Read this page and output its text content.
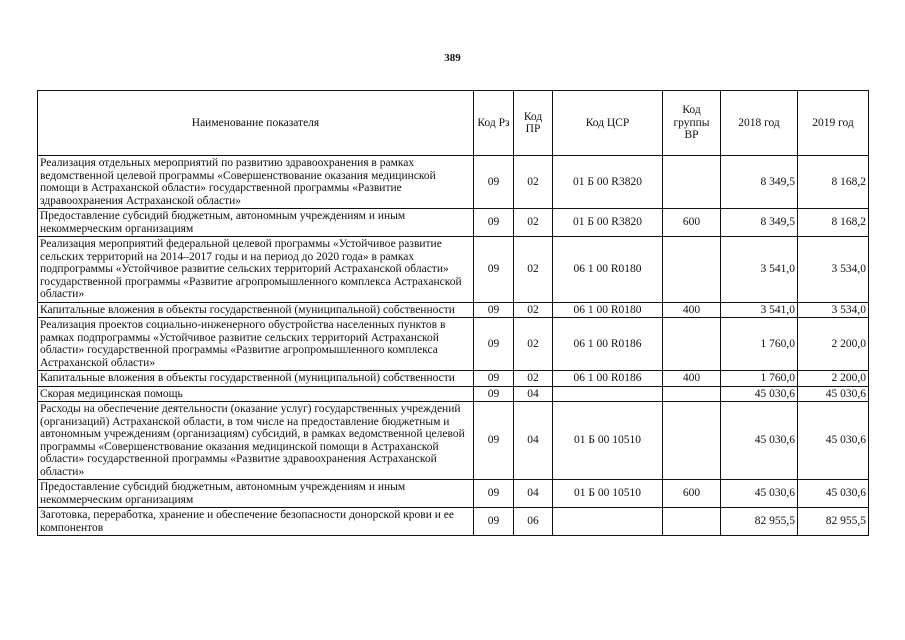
389
Наименование показателя	Код Рз	Код ПР	Код ЦСР	Код группы ВР	2018 год	2019 год
Реализация отдельных мероприятий по развитию здравоохранения в рамках ведомственной целевой программы «Совершенствование оказания медицинской помощи в Астраханской области» государственной программы «Развитие здравоохранения Астраханской области»	09	02	01 Б 00 R3820		8 349,5	8 168,2
Предоставление субсидий бюджетным, автономным учреждениям и иным некоммерческим организациям	09	02	01 Б 00 R3820	600	8 349,5	8 168,2
Реализация мероприятий федеральной целевой программы «Устойчивое развитие сельских территорий на 2014–2017 годы и на период до 2020 года» в рамках подпрограммы «Устойчивое развитие сельских территорий Астраханской области» государственной программы «Развитие агропромышленного комплекса Астраханской области»	09	02	06 1 00 R0180		3 541,0	3 534,0
Капитальные вложения в объекты государственной (муниципальной) собственности	09	02	06 1 00 R0180	400	3 541,0	3 534,0
Реализация проектов социально-инженерного обустройства населенных пунктов в рамках подпрограммы «Устойчивое развитие сельских территорий Астраханской области» государственной программы «Развитие агропромышленного комплекса Астраханской области»	09	02	06 1 00 R0186		1 760,0	2 200,0
Капитальные вложения в объекты государственной (муниципальной) собственности	09	02	06 1 00 R0186	400	1 760,0	2 200,0
Скорая медицинская помощь	09	04			45 030,6	45 030,6
Расходы на обеспечение деятельности (оказание услуг) государственных учреждений (организаций) Астраханской области, в том числе на предоставление бюджетным и автономным учреждениям (организациям) субсидий, в рамках ведомственной целевой программы «Совершенствование оказания медицинской помощи в Астраханской области» государственной программы «Развитие здравоохранения Астраханской области»	09	04	01 Б 00 10510		45 030,6	45 030,6
Предоставление субсидий бюджетным, автономным учреждениям и иным некоммерческим организациям	09	04	01 Б 00 10510	600	45 030,6	45 030,6
Заготовка, переработка, хранение и обеспечение безопасности донорской крови и ее компонентов	09	06			82 955,5	82 955,5
